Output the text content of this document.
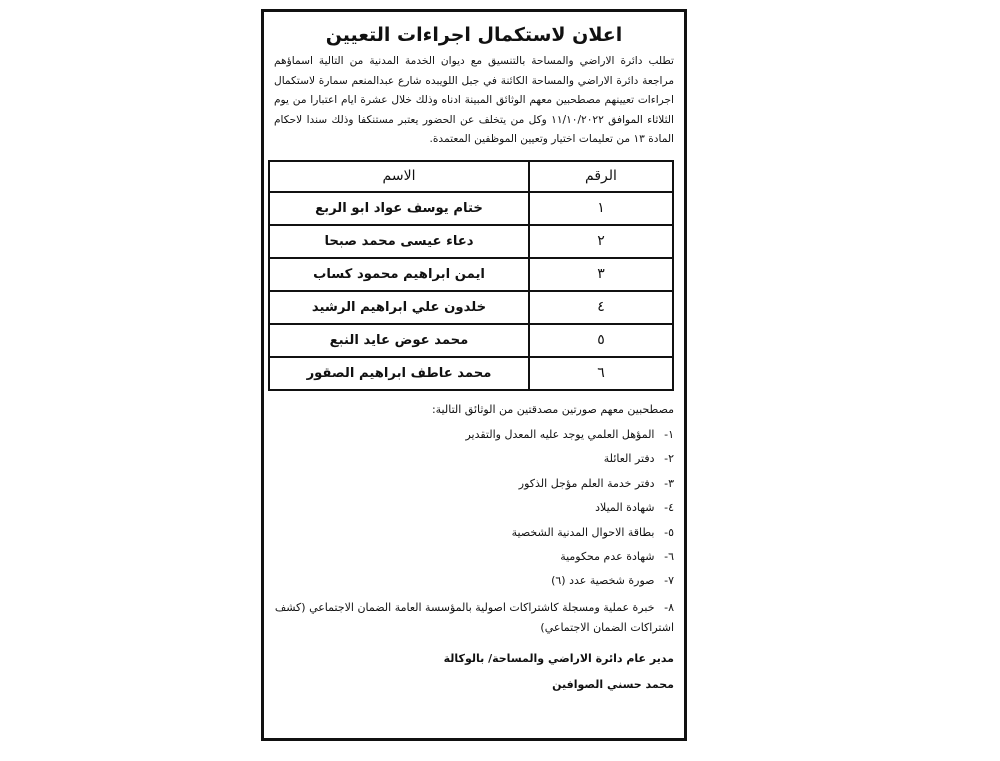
اعلان لاستكمال اجراءات التعيين

تطلب دائرة الاراضي والمساحة بالتنسيق مع ديوان الخدمة المدنية من التالية اسماؤهم مراجعة دائرة الاراضي والمساحة الكائنة في جبل اللويبده شارع عبدالمنعم سمارة لاستكمال اجراءات تعيينهم مصطحبين معهم الوثائق المبينة ادناه وذلك خلال عشرة ايام اعتبارا من يوم الثلاثاء الموافق ١١/١٠/٢٠٢٢ وكل من يتخلف عن الحضور يعتبر مستنكفا وذلك سندا لاحكام المادة ١٣ من تعليمات اختيار وتعيين الموظفين المعتمدة.

الرقم	الاسم
١	ختام يوسف عواد ابو الربع
٢	دعاء عيسى محمد صبحا
٣	ايمن ابراهيم محمود كساب
٤	خلدون علي ابراهيم الرشيد
٥	محمد عوض عايد النبع
٦	محمد عاطف ابراهيم الصقور
مصطحبين معهم صورتين مصدقتين من الوثائق التالية:
١- المؤهل العلمي يوجد عليه المعدل والتقدير
٢- دفتر العائلة
٣- دفتر خدمة العلم مؤجل الذكور
٤- شهادة الميلاد
٥- بطاقة الاحوال المدنية الشخصية
٦- شهادة عدم محكومية
٧- صورة شخصية عدد (٦)
٨- خبرة عملية ومسجلة كاشتراكات اصولية بالمؤسسة العامة الضمان الاجتماعي (كشف اشتراكات الضمان الاجتماعي)
مدير عام دائرة الاراضي والمساحة/ بالوكالة
محمد حسني الصوافين
